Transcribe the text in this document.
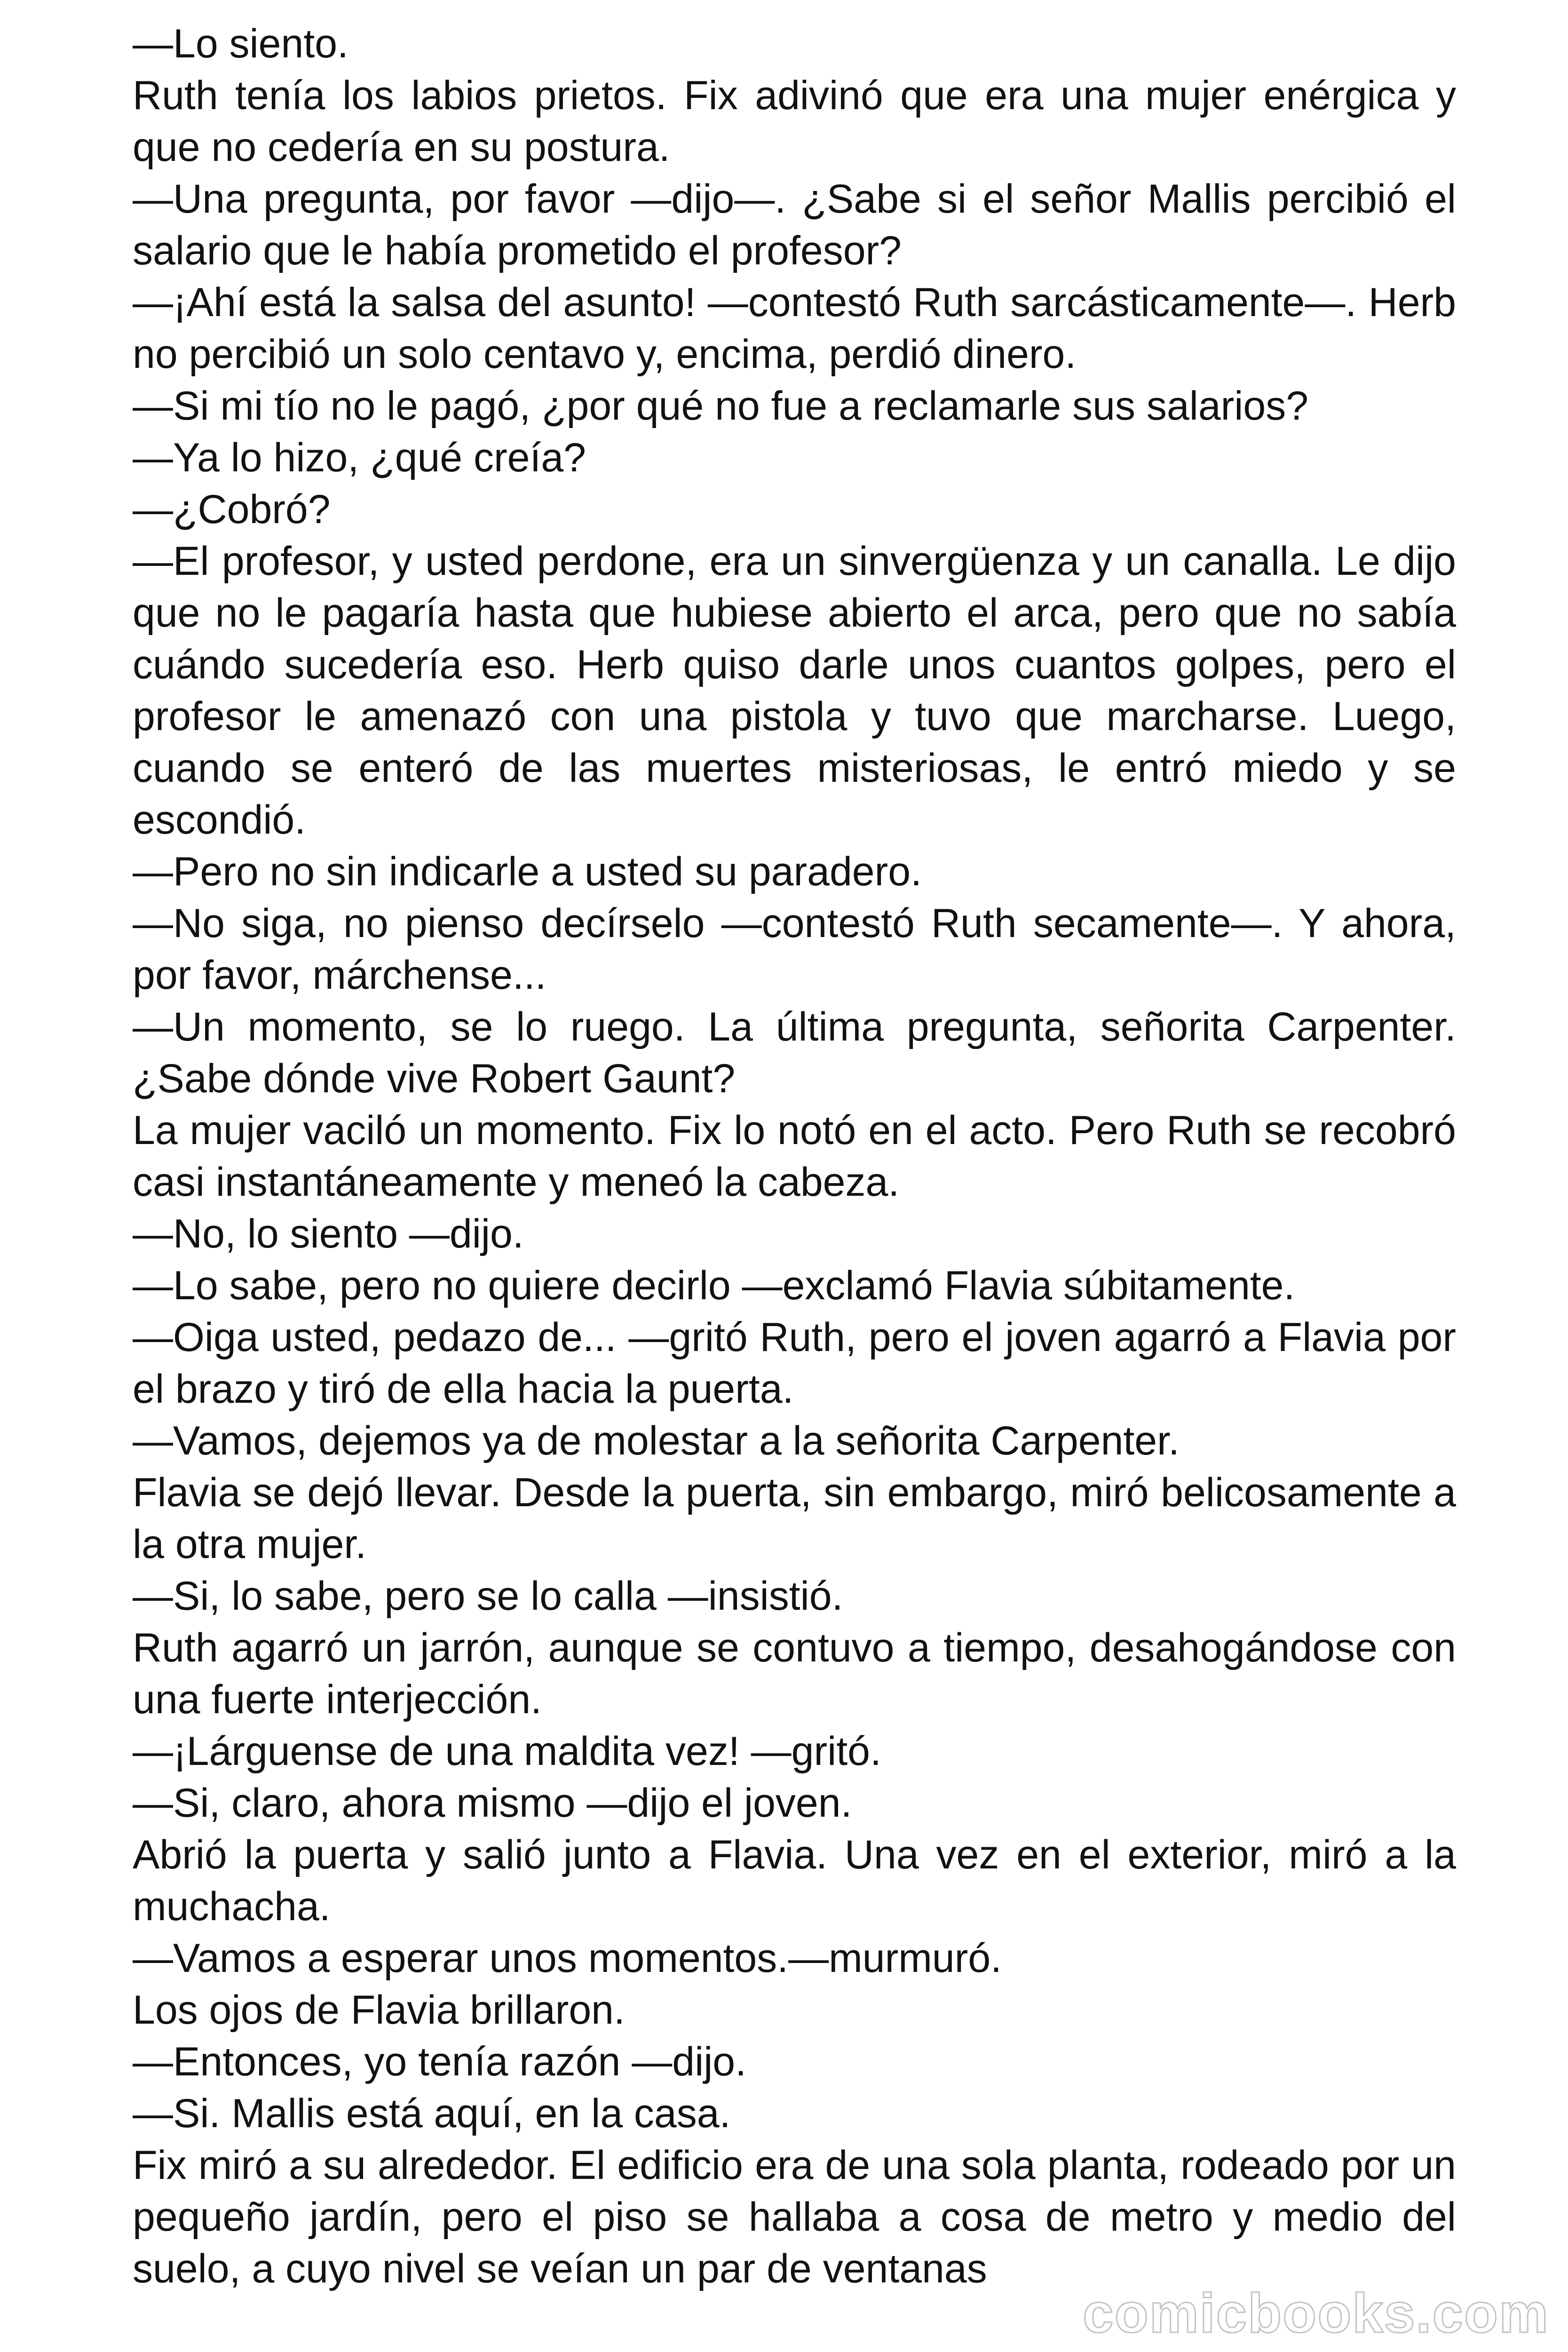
—Lo siento.

Ruth tenía los labios prietos. Fix adivinó que era una mujer enérgica y que no cedería en su postura.

—Una pregunta, por favor —dijo—. ¿Sabe si el señor Mallis percibió el salario que le había prometido el profesor?

—¡Ahí está la salsa del asunto! —contestó Ruth sarcásticamente—. Herb no percibió un solo centavo y, encima, perdió dinero.

—Si mi tío no le pagó, ¿por qué no fue a reclamarle sus salarios?

—Ya lo hizo, ¿qué creía?

—¿Cobró?

—El profesor, y usted perdone, era un sinvergüenza y un canalla. Le dijo que no le pagaría hasta que hubiese abierto el arca, pero que no sabía cuándo sucedería eso. Herb quiso darle unos cuantos golpes, pero el profesor le amenazó con una pistola y tuvo que marcharse. Luego, cuando se enteró de las muertes misteriosas, le entró miedo y se escondió.

—Pero no sin indicarle a usted su paradero.

—No siga, no pienso decírselo —contestó Ruth secamente—. Y ahora, por favor, márchense...

—Un momento, se lo ruego. La última pregunta, señorita Carpenter. ¿Sabe dónde vive Robert Gaunt?

La mujer vaciló un momento. Fix lo notó en el acto. Pero Ruth se recobró casi instantáneamente y meneó la cabeza.

—No, lo siento —dijo.

—Lo sabe, pero no quiere decirlo —exclamó Flavia súbitamente.

—Oiga usted, pedazo de... —gritó Ruth, pero el joven agarró a Flavia por el brazo y tiró de ella hacia la puerta.

—Vamos, dejemos ya de molestar a la señorita Carpenter.

Flavia se dejó llevar. Desde la puerta, sin embargo, miró belicosamente a la otra mujer.

—Si, lo sabe, pero se lo calla —insistió.

Ruth agarró un jarrón, aunque se contuvo a tiempo, desahogándose con una fuerte interjección.

—¡Lárguense de una maldita vez! —gritó.

—Si, claro, ahora mismo —dijo el joven.

Abrió la puerta y salió junto a Flavia. Una vez en el exterior, miró a la muchacha.

—Vamos a esperar unos momentos.—murmuró.

Los ojos de Flavia brillaron.

—Entonces, yo tenía razón —dijo.

—Si. Mallis está aquí, en la casa.

Fix miró a su alrededor. El edificio era de una sola planta, rodeado por un pequeño jardín, pero el piso se hallaba a cosa de metro y medio del suelo, a cuyo nivel se veían un par de ventanas

comicbooks.com
